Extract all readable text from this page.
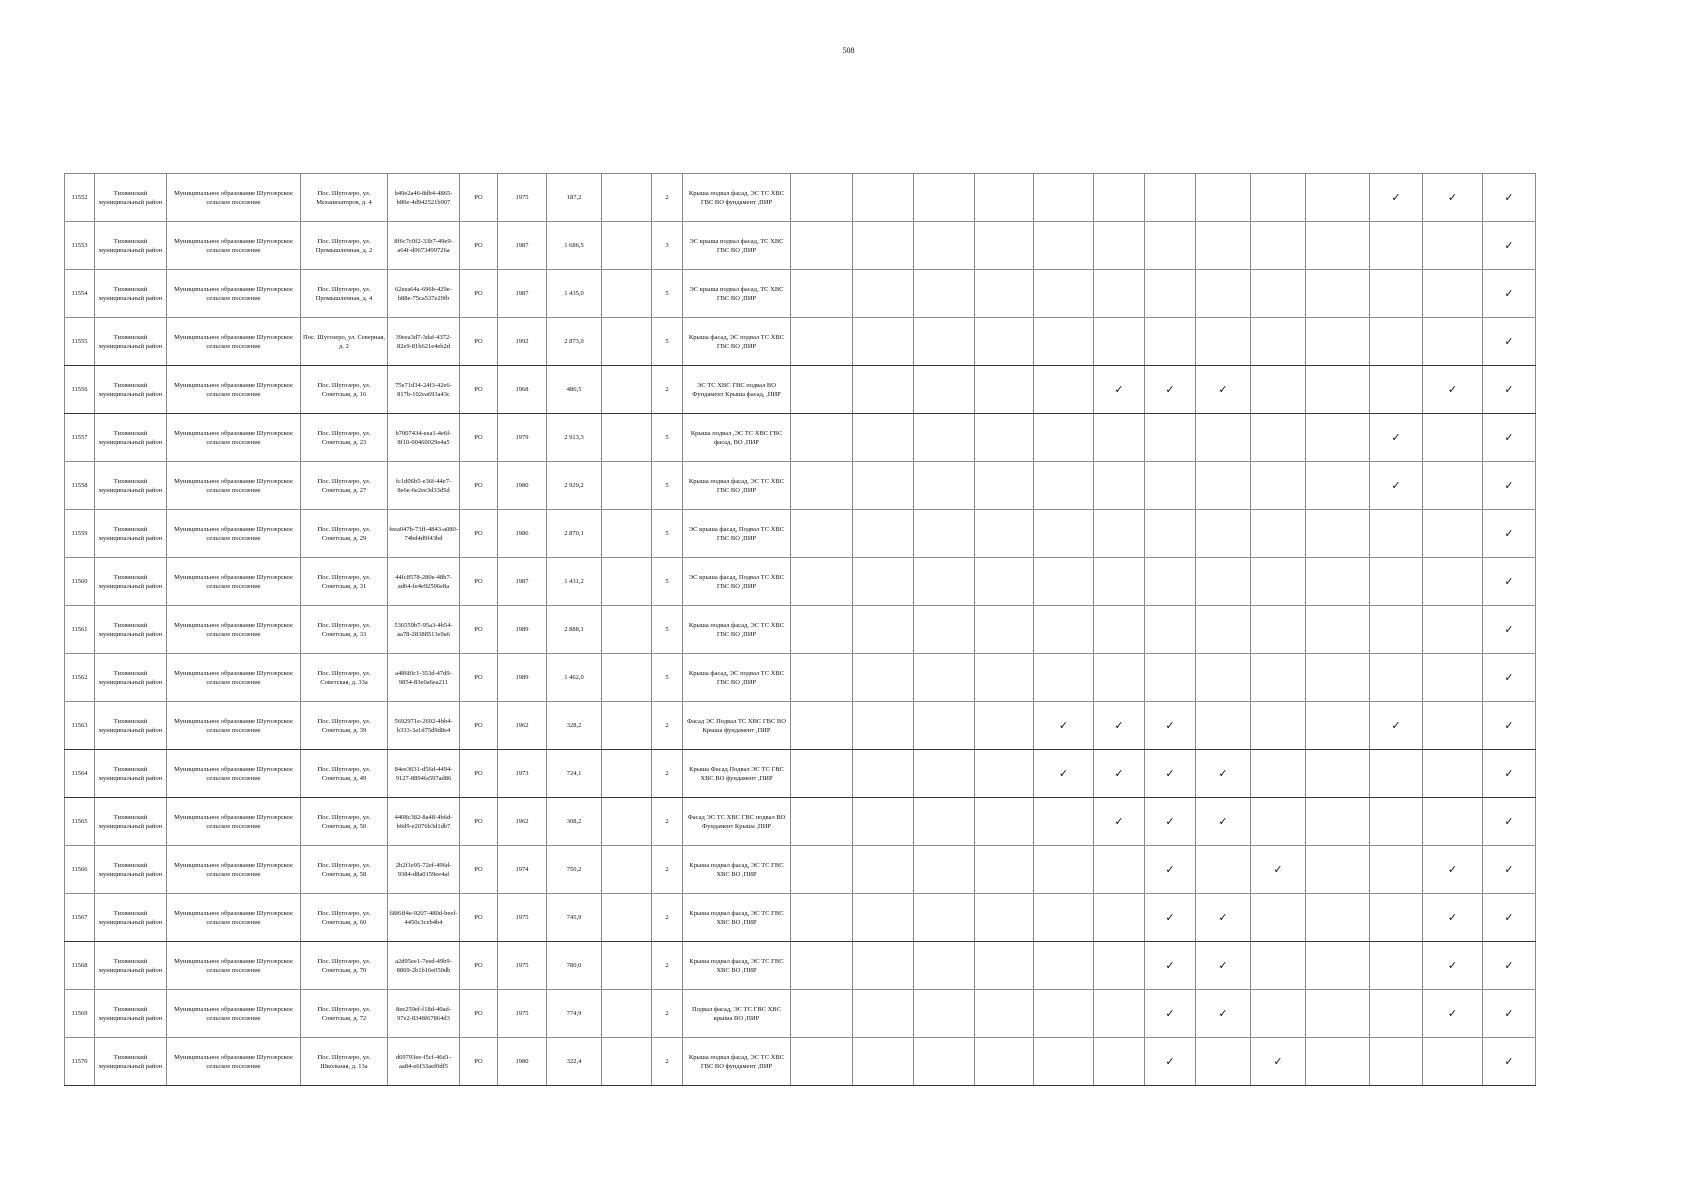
508
11552	Тихвинский муниципальный район	Муниципальное образование Шугозерское сельское поселение	Пос. Шугозеро, ул. Механизаторов, д. 4	b49e2a46-8db4-4865-b80e-4d942521b907	РО	1975	187,2		2	Крыша подвал фасад, ЭС ТС ХВС ГВС ВО фундамент ,ПИР											✓	✓	✓
11553	Тихвинский муниципальный район	Муниципальное образование Шугозерское сельское поселение	Пос. Шугозеро, ул. Промышленная, д. 2	8f6c7c0f2-33b7-49e9-a64f-d0673499726a	РО	1987	1 686,5		3	ЭС крыша подвал фасад, ТС ХВС ГВС ВО ,ПИР													✓
11554	Тихвинский муниципальный район	Муниципальное образование Шугозерское сельское поселение	Пос. Шугозеро, ул. Промышленная, д. 4	62eea64a-696b-429e-b88e-75ca537e29fb	РО	1987	1 435,0		5	ЭС крыша подвал фасад, ТС ХВС ГВС ВО ,ПИР													✓
11555	Тихвинский муниципальный район	Муниципальное образование Шугозерское сельское поселение	Пос. Шугозеро, ул. Северная, д. 2	39eea3d7-3daf-4372-82e9-81b621e4eb2d	РО	1992	2 873,0		5	Крыша фасад, ЭС подвал ТС ХВС ГВС ВО ,ПИР													✓
11556	Тихвинский муниципальный район	Муниципальное образование Шугозерское сельское поселение	Пос. Шугозеро, ул. Советская, д. 16	75e71d34-24f3-42e6-817b-102ea693a43c	РО	1968	486,5		2	ЭС ТС ХВС ГВС подвал ВО Фундамент Крыша фасад, ,ПИР						✓	✓	✓				✓	✓
11557	Тихвинский муниципальный район	Муниципальное образование Шугозерское сельское поселение	Пос. Шугозеро, ул. Советская, д. 23	b7007434-eea1-4e6f-8f10-00460029e4a5	РО	1979	2 913,3		5	Крыша подвал ,ЭС ТС ХВС ГВС фасад, ВО ,ПИР											✓		✓
11558	Тихвинский муниципальный район	Муниципальное образование Шугозерское сельское поселение	Пос. Шугозеро, ул. Советская, д. 27	fc1d06b5-e36f-44e7-8e6e-6e2ee3d33d5d	РО	1980	2 929,2		5	Крыша подвал фасад, ЭС ТС ХВС ГВС ВО ,ПИР											✓		✓
11559	Тихвинский муниципальный район	Муниципальное образование Шугозерское сельское поселение	Пос. Шугозеро, ул. Советская, д. 29	feea047b-73ff-4843-a080-74bd4d9f43bd	РО	1986	2 870,1		5	ЭС крыша фасад, Подвал ТС ХВС ГВС ВО ,ПИР													✓
11560	Тихвинский муниципальный район	Муниципальное образование Шугозерское сельское поселение	Пос. Шугозеро, ул. Советская, д. 31	44fc8578-280e-48b7-ad64-fe4e92506e8a	РО	1987	1 431,2		5	ЭС крыша фасад, Подвал ТС ХВС ГВС ВО ,ПИР													✓
11561	Тихвинский муниципальный район	Муниципальное образование Шугозерское сельское поселение	Пос. Шугозеро, ул. Советская, д. 33	536559b7-95a3-4b54-aa78-28388513e9a6	РО	1989	2 888,1		5	Крыша подвал фасад, ЭС ТС ХВС ГВС ВО ,ПИР													✓
11562	Тихвинский муниципальный район	Муниципальное образование Шугозерское сельское поселение	Пос. Шугозеро, ул. Советская, д. 33а	a486f0c1-353d-47d9-9854-83e0a6ea211	РО	1989	1 462,0		5	Крыша фасад, ЭС подвал ТС ХВС ГВС ВО ,ПИР													✓
11563	Тихвинский муниципальный район	Муниципальное образование Шугозерское сельское поселение	Пос. Шугозеро, ул. Советская, д. 39	5692971e-2692-4bb4-b333-3a1d75d9d8e4	РО	1962	328,2		2	Фасад ЭС Подвал ТС ХВС ГВС ВО Крыша фундамент ,ПИР					✓	✓	✓				✓		✓
11564	Тихвинский муниципальный район	Муниципальное образование Шугозерское сельское поселение	Пос. Шугозеро, ул. Советская, д. 49	84ee3631-d56d-4494-9127-8894fa597ad86	РО	1973	724,1		2	Крыша Фасад Подвал ЭС ТС ГВС ХВС ВО фундамент ,ПИР					✓	✓	✓	✓					✓
11565	Тихвинский муниципальный район	Муниципальное образование Шугозерское сельское поселение	Пос. Шугозеро, ул. Советская, д. 50	4408c382-8a48-4b6d-b6d9-e2076b3d1db7	РО	1962	308,2		2	Фасад ЭС ТС ХВС ГВС подвал ВО Фундамент Крыша ,ПИР						✓	✓	✓					✓
11566	Тихвинский муниципальный район	Муниципальное образование Шугозерское сельское поселение	Пос. Шугозеро, ул. Советская, д. 58	2b2f1e95-72ef-496d-9384-d8a0159ee4af	РО	1974	750,2		2	Крыша подвал фасад, ЭС ТС ГВС ХВС ВО ,ПИР							✓		✓			✓	✓
11567	Тихвинский муниципальный район	Муниципальное образование Шугозерское сельское поселение	Пос. Шугозеро, ул. Советская, д. 60	68f6ff4e-9207-480d-beef-4450c3ceb4b4	РО	1975	745,9		2	Крыша подвал фасад, ЭС ТС ГВС ХВС ВО ,ПИР							✓	✓				✓	✓
11568	Тихвинский муниципальный район	Муниципальное образование Шугозерское сельское поселение	Пос. Шугозеро, ул. Советская, д. 70	a2d95ee1-7eed-49b9-8869-2b1b16e050db	РО	1975	780,0		2	Крыша подвал фасад, ЭС ТС ГВС ХВС ВО ,ПИР							✓	✓				✓	✓
11569	Тихвинский муниципальный район	Муниципальное образование Шугозерское сельское поселение	Пос. Шугозеро, ул. Советская, д. 72	8ee259ef-f18d-40ad-97e2-8348f67864d3	РО	1975	774,9		2	Подвал фасад, ЭС ТС ГВС ХВС крыша ВО ,ПИР							✓	✓				✓	✓
11570	Тихвинский муниципальный район	Муниципальное образование Шугозерское сельское поселение	Пос. Шугозеро, ул. Школьная, д. 13а	d69793ee-f5cf-46d1-aa84-e6f33aef0df5	РО	1980	322,4		2	Крыша подвал фасад, ЭС ТС ХВС ГВС ВО фундамент ,ПИР							✓		✓				✓
